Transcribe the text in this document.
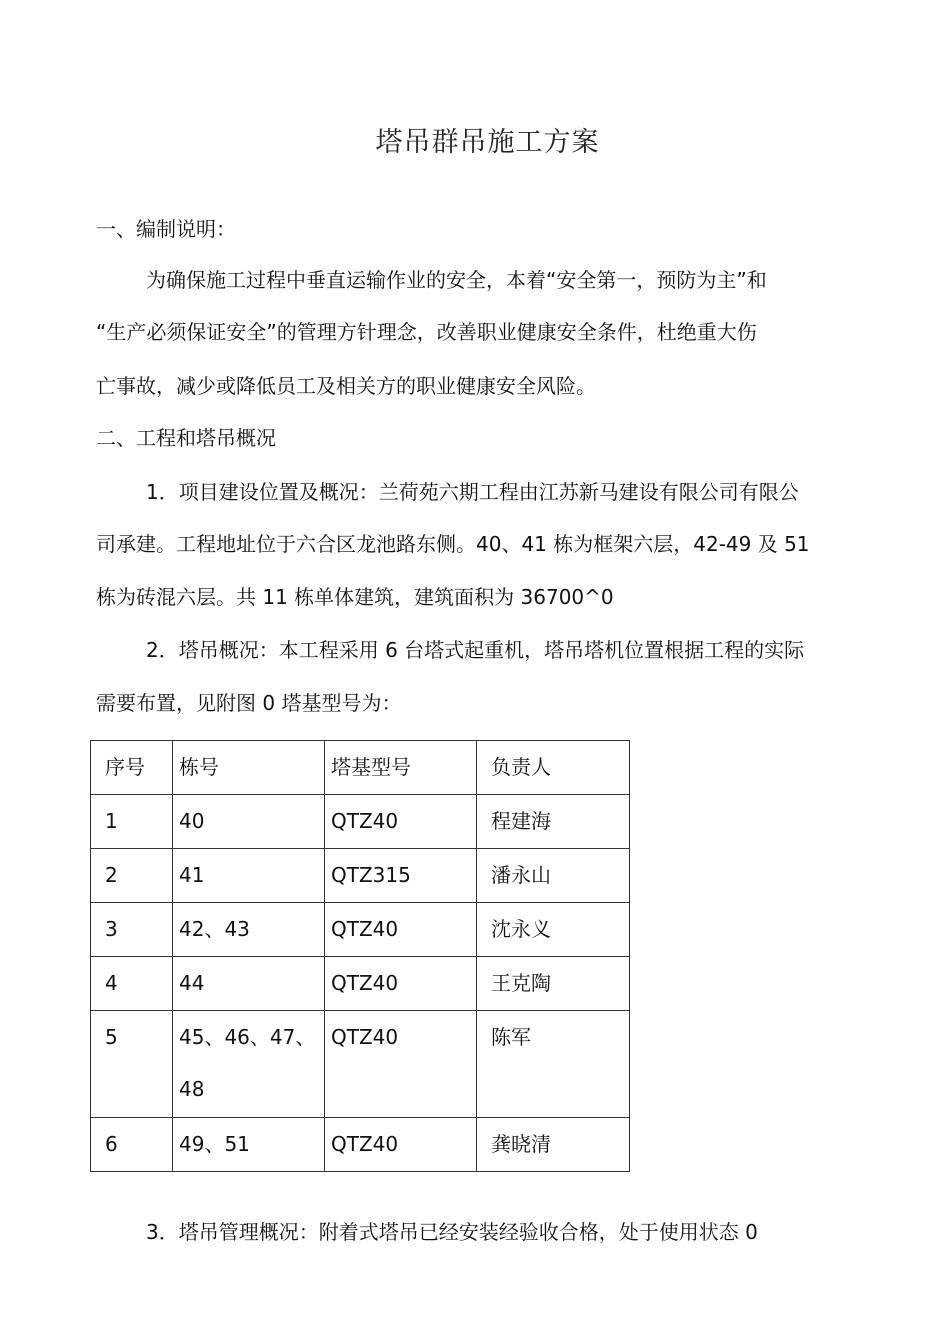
塔吊群吊施工方案
一、编制说明：
为确保施工过程中垂直运输作业的安全，本着“安全第一，预防为主”和
“生产必须保证安全”的管理方针理念，改善职业健康安全条件，杜绝重大伤
亡事故，减少或降低员工及相关方的职业健康安全风险。
二、工程和塔吊概况
1．项目建设位置及概况：兰荷苑六期工程由江苏新马建设有限公司有限公
司承建。工程地址位于六合区龙池路东侧。40、41 栋为框架六层，42-49 及 51
栋为砖混六层。共 11 栋单体建筑，建筑面积为 36700^0
2．塔吊概况：本工程采用 6 台塔式起重机，塔吊塔机位置根据工程的实际
需要布置，见附图 0 塔基型号为：
序号	栋号	塔基型号	负责人

1	40	QTZ40	程建海

2	41	QTZ315	潘永山

3	42、43	QTZ40	沈永义

4	44	QTZ40	王克陶

5	45、46、47、48	QTZ40	陈军

6	49、51	QTZ40	龚晓清
3．塔吊管理概况：附着式塔吊已经安装经验收合格，处于使用状态 0
